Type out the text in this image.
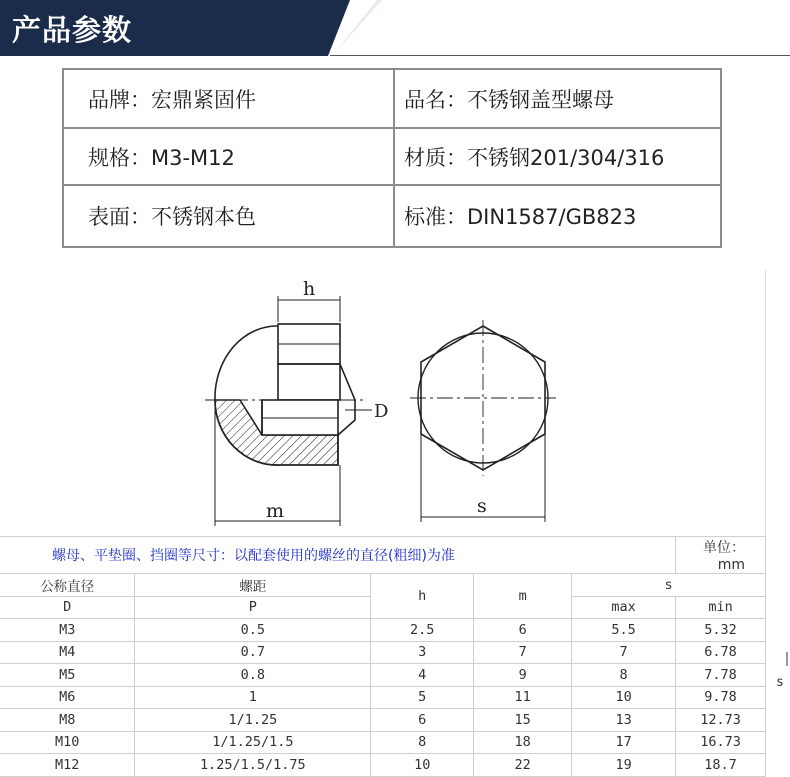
产品参数
品牌：宏鼎紧固件	品名：不锈钢盖型螺母
规格：M3-M12	材质：不锈钢201/304/316
表面：不锈钢本色	标准：DIN1587/GB823
h
D
m	s
螺母、平垫圈、挡圈等尺寸：以配套使用的螺丝的直径(粗细)为准					单位：mm
公称直径	螺距	h	m	s	
D	P			max	min
M3	0.5	2.5	6	5.5	5.32
M4	0.7	3	7	7	6.78
M5	0.8	4	9	8	7.78
M6	1	5	11	10	9.78
M8	1/1.25	6	15	13	12.73
M10	1/1.25/1.5	8	18	17	16.73
M12	1.25/1.5/1.75	10	22	19	18.7
s
